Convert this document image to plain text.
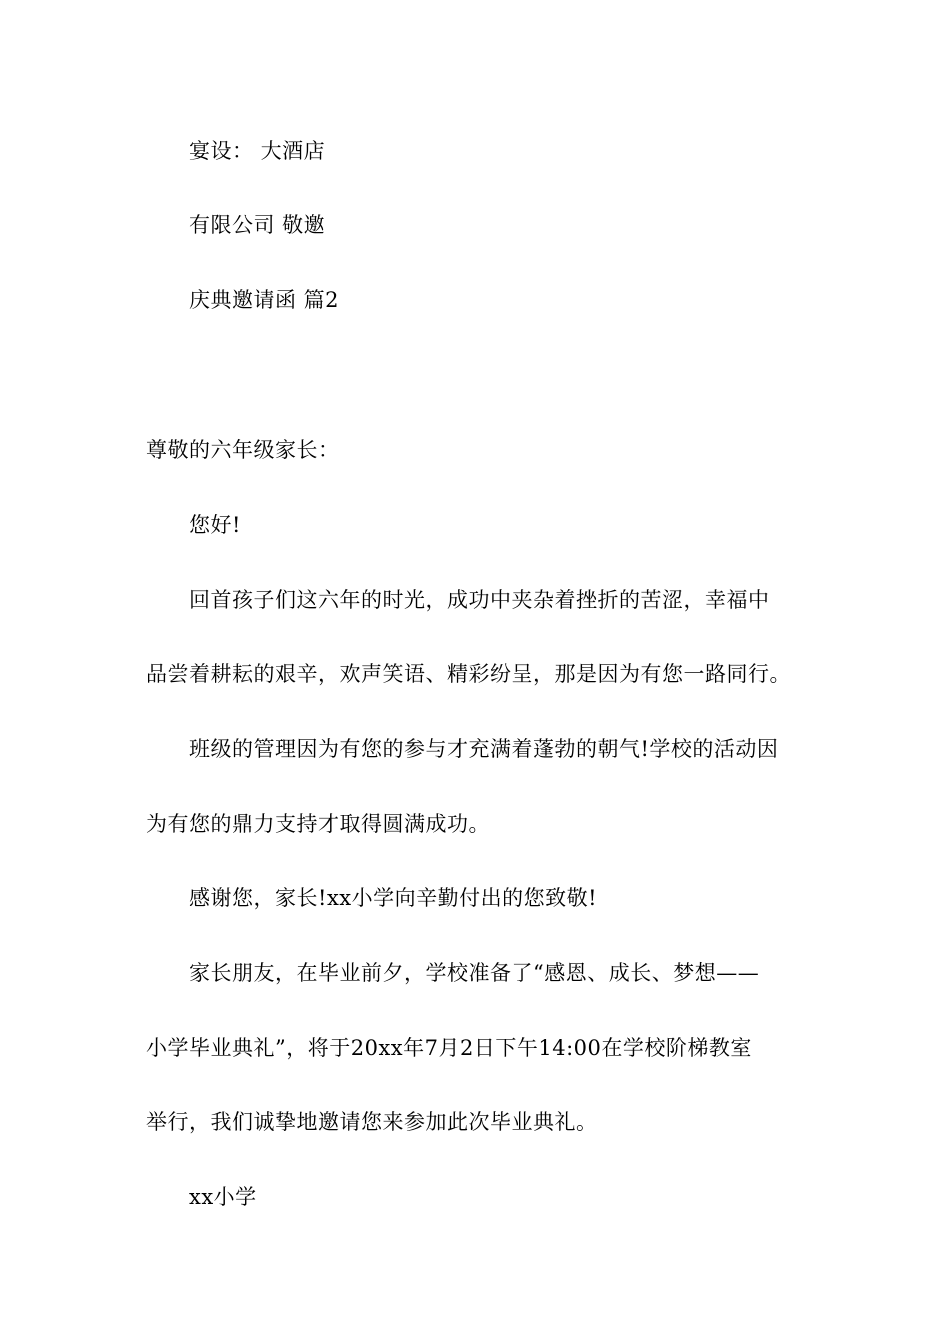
宴设： 大酒店
有限公司 敬邀
庆典邀请函 篇2
尊敬的六年级家长：
您好!
回首孩子们这六年的时光，成功中夹杂着挫折的苦涩，幸福中
品尝着耕耘的艰辛，欢声笑语、精彩纷呈，那是因为有您一路同行。
班级的管理因为有您的参与才充满着蓬勃的朝气!学校的活动因
为有您的鼎力支持才取得圆满成功。
感谢您，家长!xx小学向辛勤付出的您致敬!
家长朋友，在毕业前夕，学校准备了“感恩、成长、梦想——
小学毕业典礼”，将于20xx年7月2日下午14:00在学校阶梯教室
举行，我们诚挚地邀请您来参加此次毕业典礼。
xx小学
